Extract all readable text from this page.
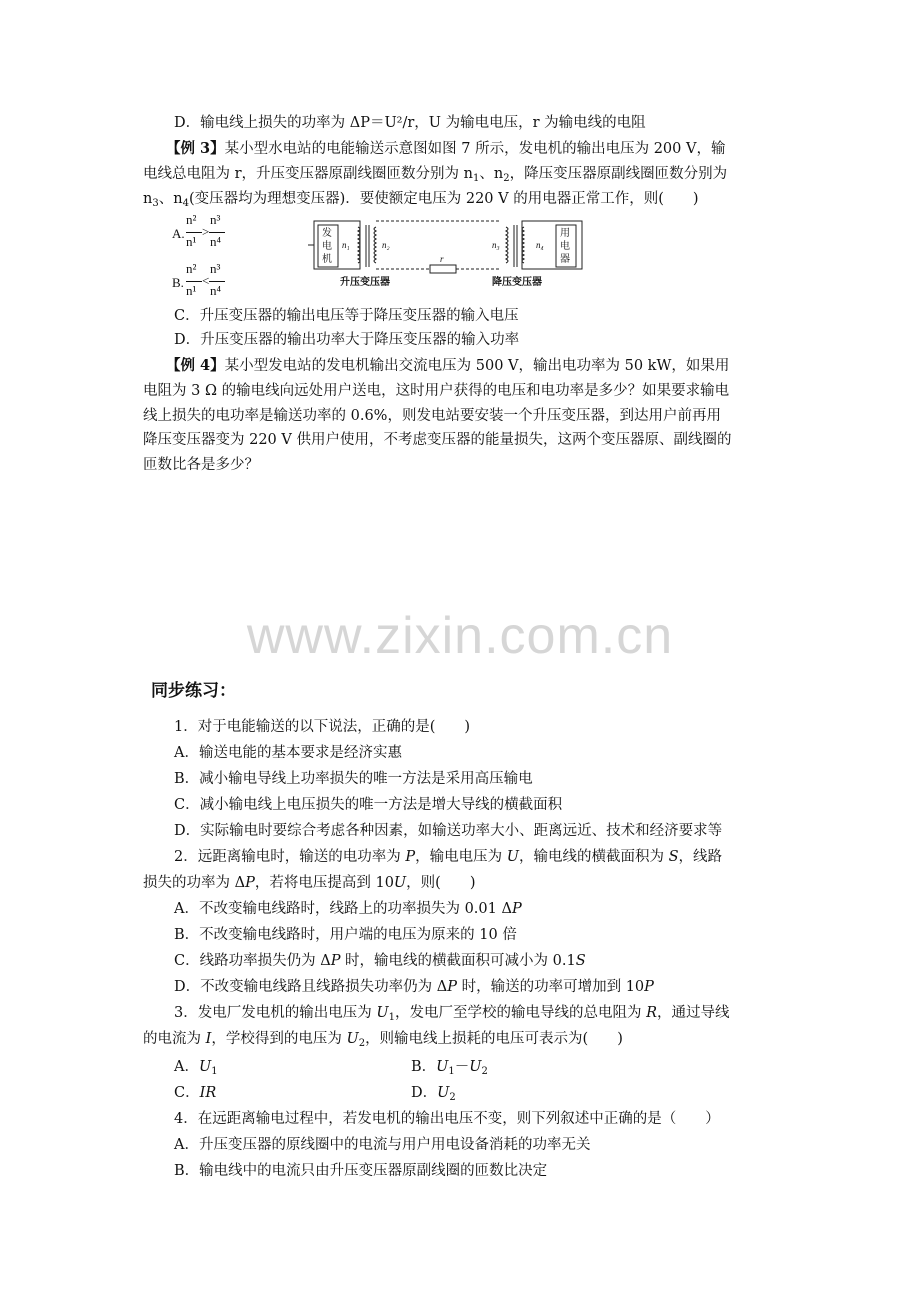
D．输电线上损失的功率为 ΔP＝U²/r，U 为输电电压，r 为输电线的电阻
【例 3】某小型水电站的电能输送示意图如图 7 所示，发电机的输出电压为 200 V，输
电线总电阻为 r，升压变压器原副线圈匝数分别为 $n_1$、$n_2$，降压变压器原副线圈匝数分别为
$n_3$、$n_4$(变压器均为理想变压器)．要使额定电压为 220 V 的用电器正常工作，则(　　)
A.
n²
n¹
>
n³
n⁴
B.
n²
n¹
<
n³
n⁴
发
电
机
用
电
器
n₁	n₂	n₃	n₄
r
升压变压器	降压变压器
C．升压变压器的输出电压等于降压变压器的输入电压
D．升压变压器的输出功率大于降压变压器的输入功率
【例 4】某小型发电站的发电机输出交流电压为 500 V，输出电功率为 50 kW，如果用
电阻为 3 Ω 的输电线向远处用户送电，这时用户获得的电压和电功率是多少？如果要求输电
线上损失的电功率是输送功率的 0.6%，则发电站要安装一个升压变压器，到达用户前再用
降压变压器变为 220 V 供用户使用，不考虑变压器的能量损失，这两个变压器原、副线圈的
匝数比各是多少？
www.zixin.com.cn
同步练习：
1．对于电能输送的以下说法，正确的是(　　)
A．输送电能的基本要求是经济实惠
B．减小输电导线上功率损失的唯一方法是采用高压输电
C．减小输电线上电压损失的唯一方法是增大导线的横截面积
D．实际输电时要综合考虑各种因素，如输送功率大小、距离远近、技术和经济要求等
2．远距离输电时，输送的电功率为 P，输电电压为 U，输电线的横截面积为 S，线路
损失的功率为 ΔP，若将电压提高到 10U，则(　　)
A．不改变输电线路时，线路上的功率损失为 0.01 ΔP
B．不改变输电线路时，用户端的电压为原来的 10 倍
C．线路功率损失仍为 ΔP 时，输电线的横截面积可减小为 0.1S
D．不改变输电线路且线路损失功率仍为 ΔP 时，输送的功率可增加到 10P
3．发电厂发电机的输出电压为 $U_1$，发电厂至学校的输电导线的总电阻为 R，通过导线
的电流为 I，学校得到的电压为 $U_2$，则输电线上损耗的电压可表示为(　　)
A．$U_1$	B．$U_1-U_2$
C．IR	D．$U_2$
4．在远距离输电过程中，若发电机的输出电压不变，则下列叙述中正确的是（　　）
A．升压变压器的原线圈中的电流与用户用电设备消耗的功率无关
B．输电线中的电流只由升压变压器原副线圈的匝数比决定
